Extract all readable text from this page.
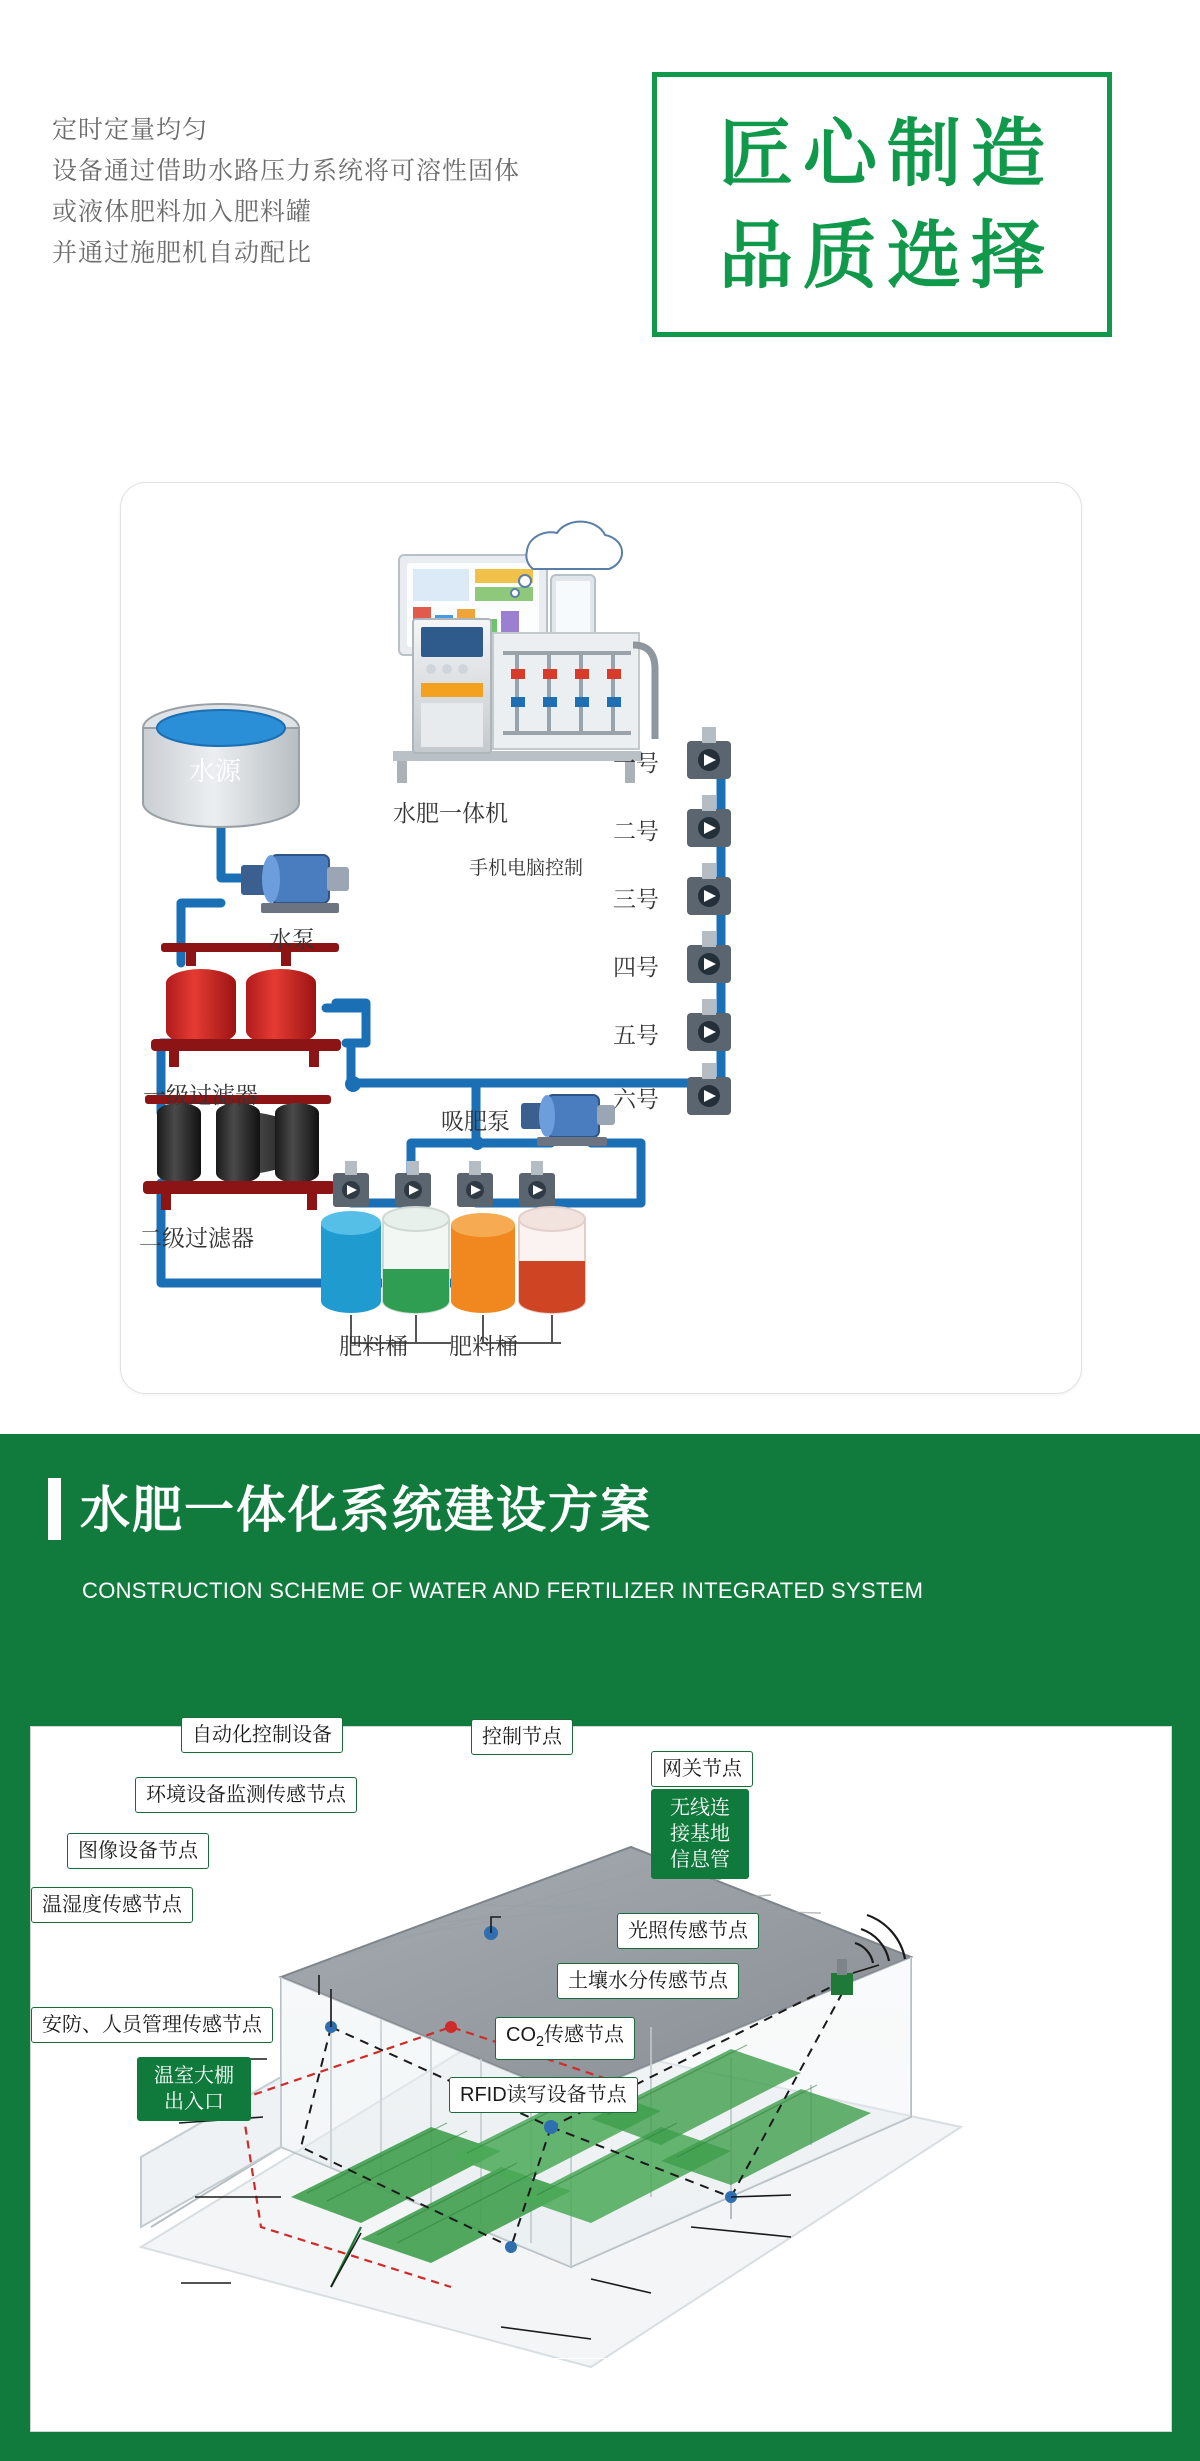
定时定量均匀
设备通过借助水路压力系统将可溶性固体
或液体肥料加入肥料罐
并通过施肥机自动配比
匠心制造
品质选择
水源
水泵
一级过滤器
二级过滤器
手机电脑控制
水肥一体机
吸肥泵
肥料桶 肥料桶
一号
二号
三号
四号
五号
六号
水肥一体化系统建设方案
CONSTRUCTION SCHEME OF WATER AND FERTILIZER INTEGRATED SYSTEM
自动化控制设备
环境设备监测传感节点
图像设备节点
温湿度传感节点
安防、人员管理传感节点
控制节点
网关节点
光照传感节点
土壤水分传感节点
RFID读写设备节点
$CO_2$传感节点
无线连
接基地
信息管
温室大棚
出入口
各功能传感节点可根据蔬菜种类、种植面积的不同，进行相关数量和布署位置的调整。
